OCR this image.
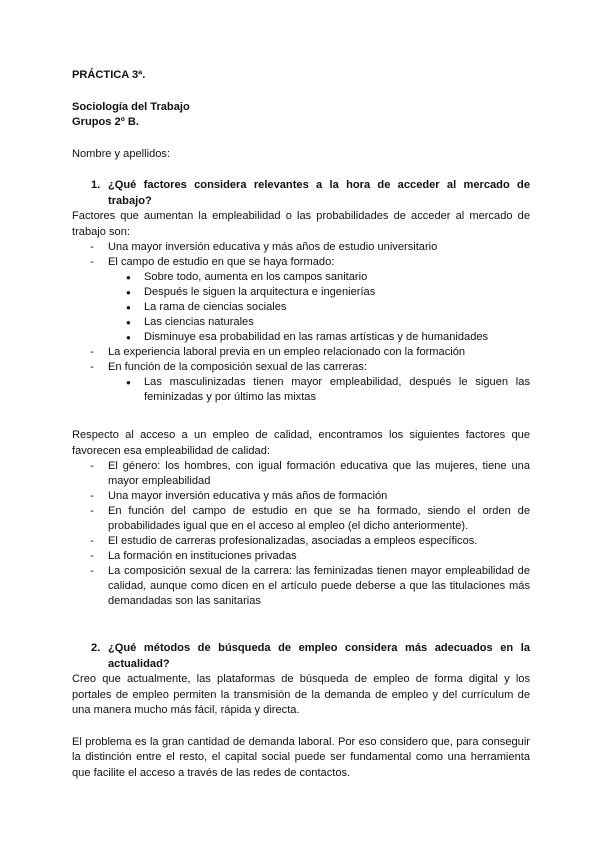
PRÁCTICA 3ª.
Sociología del Trabajo
Grupos 2º B.
Nombre y apellidos:
1. ¿Qué factores considera relevantes a la hora de acceder al mercado de trabajo?

Factores que aumentan la empleabilidad o las probabilidades de acceder al mercado de trabajo son:

-	Una mayor inversión educativa y más años de estudio universitario
-	El campo de estudio en que se haya formado:
●	Sobre todo, aumenta en los campos sanitario
●	Después le siguen la arquitectura e ingenierías
●	La rama de ciencias sociales
●	Las ciencias naturales
●	Disminuye esa probabilidad en las ramas artísticas y de humanidades
-	La experiencia laboral previa en un empleo relacionado con la formación
-	En función de la composición sexual de las carreras:
●	Las masculinizadas tienen mayor empleabilidad, después le siguen las feminizadas y por último las mixtas

Respecto al acceso a un empleo de calidad, encontramos los siguientes factores que favorecen esa empleabilidad de calidad:

-	El género: los hombres, con igual formación educativa que las mujeres, tiene una mayor empleabilidad
-	Una mayor inversión educativa y más años de formación
-	En función del campo de estudio en que se ha formado, siendo el orden de probabilidades igual que en el acceso al empleo (el dicho anteriormente).
-	El estudio de carreras profesionalizadas, asociadas a empleos específicos.
-	La formación en instituciones privadas
-	La composición sexual de la carrera: las feminizadas tienen mayor empleabilidad de calidad, aunque como dicen en el artículo puede deberse a que las titulaciones más demandadas son las sanitarias
2. ¿Qué métodos de búsqueda de empleo considera más adecuados en la actualidad?

Creo que actualmente, las plataformas de búsqueda de empleo de forma digital y los portales de empleo permiten la transmisión de la demanda de empleo y del currículum de una manera mucho más fácil, rápida y directa.

El problema es la gran cantidad de demanda laboral. Por eso considero que, para conseguir la distinción entre el resto, el capital social puede ser fundamental como una herramienta que facilite el acceso a través de las redes de contactos.
